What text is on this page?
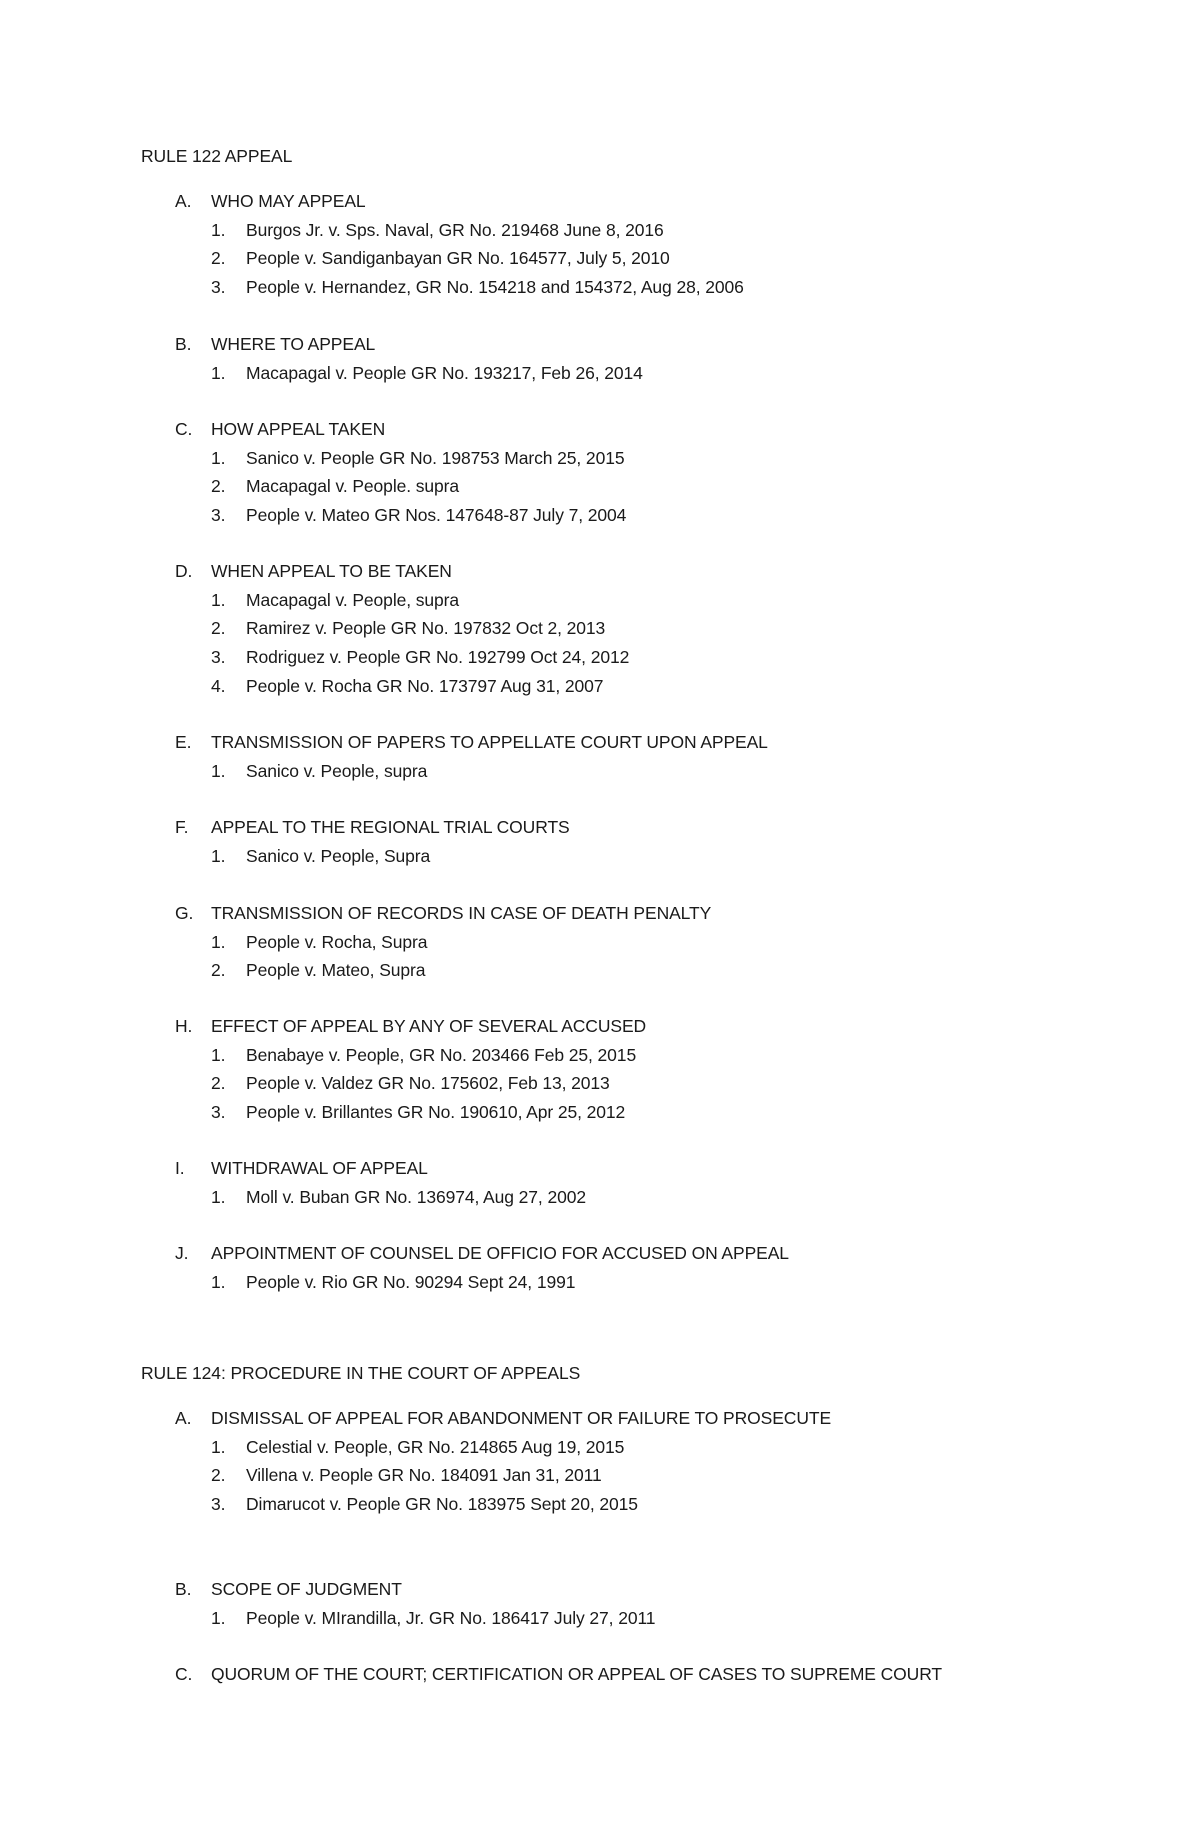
RULE 122 APPEAL
A. WHO MAY APPEAL
1. Burgos Jr. v. Sps. Naval, GR No. 219468 June 8, 2016
2. People v. Sandiganbayan GR No. 164577, July 5, 2010
3. People v. Hernandez, GR No. 154218 and 154372, Aug 28, 2006
B. WHERE TO APPEAL
1. Macapagal v. People GR No. 193217, Feb 26, 2014
C. HOW APPEAL TAKEN
1. Sanico v. People GR No. 198753 March 25, 2015
2. Macapagal v. People. supra
3. People v. Mateo GR Nos. 147648-87 July 7, 2004
D. WHEN APPEAL TO BE TAKEN
1. Macapagal v. People, supra
2. Ramirez v. People GR No. 197832 Oct 2, 2013
3. Rodriguez v. People GR No. 192799 Oct 24, 2012
4. People v. Rocha GR No. 173797 Aug 31, 2007
E. TRANSMISSION OF PAPERS TO APPELLATE COURT UPON APPEAL
1. Sanico v. People, supra
F. APPEAL TO THE REGIONAL TRIAL COURTS
1. Sanico v. People, Supra
G. TRANSMISSION OF RECORDS IN CASE OF DEATH PENALTY
1. People v. Rocha, Supra
2. People v. Mateo, Supra
H. EFFECT OF APPEAL BY ANY OF SEVERAL ACCUSED
1. Benabaye v. People, GR No. 203466 Feb 25, 2015
2. People v. Valdez GR No. 175602, Feb 13, 2013
3. People v. Brillantes GR No. 190610, Apr 25, 2012
I. WITHDRAWAL OF APPEAL
1. Moll v. Buban GR No. 136974, Aug 27, 2002
J. APPOINTMENT OF COUNSEL DE OFFICIO FOR ACCUSED ON APPEAL
1. People v. Rio GR No. 90294 Sept 24, 1991
RULE 124: PROCEDURE IN THE COURT OF APPEALS
A. DISMISSAL OF APPEAL FOR ABANDONMENT OR FAILURE TO PROSECUTE
1. Celestial v. People, GR No. 214865 Aug 19, 2015
2. Villena v. People GR No. 184091 Jan 31, 2011
3. Dimarucot v. People GR No. 183975 Sept 20, 2015
B. SCOPE OF JUDGMENT
1. People v. MIrandilla, Jr. GR No. 186417 July 27, 2011
C. QUORUM OF THE COURT; CERTIFICATION OR APPEAL OF CASES TO SUPREME COURT
